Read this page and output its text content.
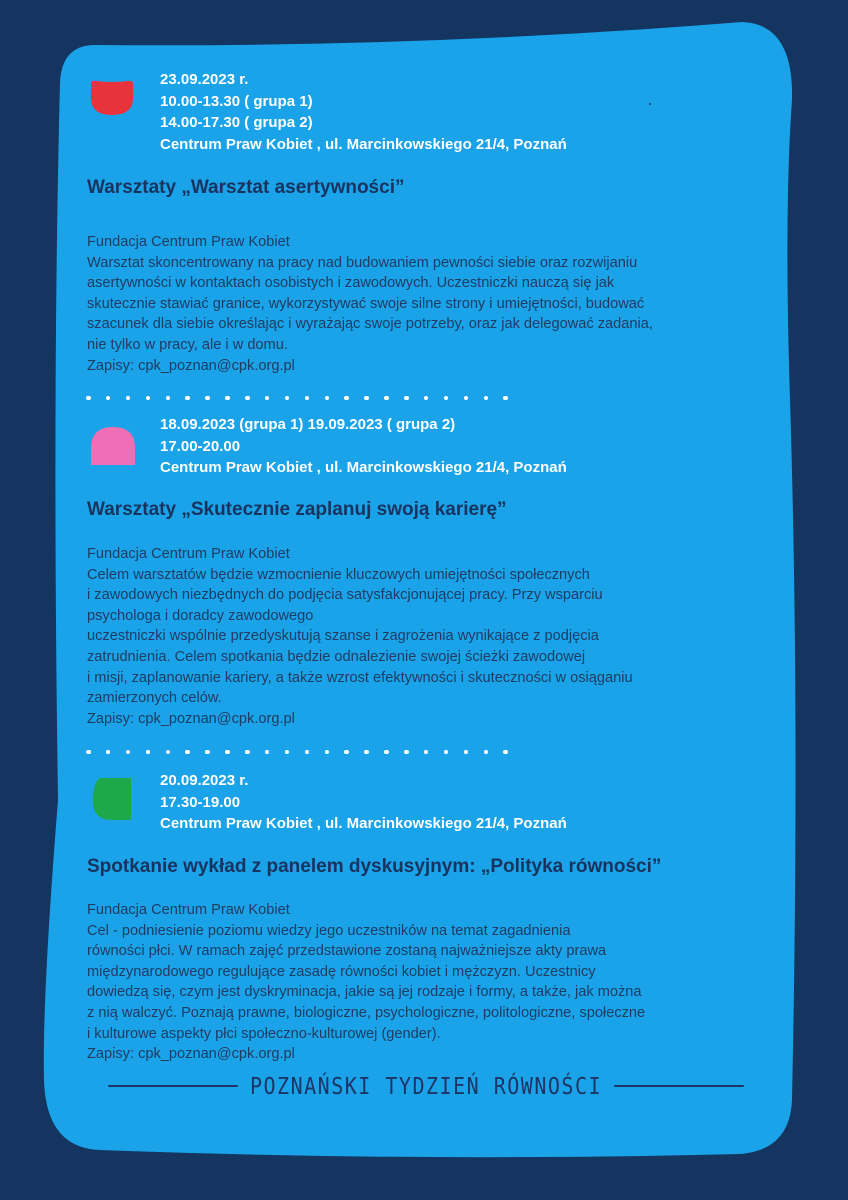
23.09.2023 r.
10.00-13.30 ( grupa 1)
14.00-17.30 ( grupa 2)
Centrum Praw Kobiet , ul. Marcinkowskiego 21/4, Poznań
Warsztaty „Warsztat asertywności”
Fundacja Centrum Praw Kobiet
Warsztat skoncentrowany na pracy nad budowaniem pewności siebie oraz rozwijaniu
asertywności w kontaktach osobistych i zawodowych. Uczestniczki nauczą się jak
skutecznie stawiać granice, wykorzystywać swoje silne strony i umiejętności, budować
szacunek dla siebie określając i wyrażając swoje potrzeby, oraz jak delegować zadania,
nie tylko w pracy, ale i w domu.
Zapisy: cpk_poznan@cpk.org.pl
18.09.2023 (grupa 1) 19.09.2023 ( grupa 2)
17.00-20.00
Centrum Praw Kobiet , ul. Marcinkowskiego 21/4, Poznań
Warsztaty „Skutecznie zaplanuj swoją karierę”
Fundacja Centrum Praw Kobiet
Celem warsztatów będzie wzmocnienie kluczowych umiejętności społecznych
i zawodowych niezbędnych do podjęcia satysfakcjonującej pracy. Przy wsparciu
psychologa i doradcy zawodowego
uczestniczki wspólnie przedyskutują szanse i zagrożenia wynikające z podjęcia
zatrudnienia. Celem spotkania będzie odnalezienie swojej ścieżki zawodowej
i misji, zaplanowanie kariery, a także wzrost efektywności i skuteczności w osiąganiu
zamierzonych celów.
Zapisy: cpk_poznan@cpk.org.pl
20.09.2023 r.
17.30-19.00
Centrum Praw Kobiet , ul. Marcinkowskiego 21/4, Poznań
Spotkanie wykład z panelem dyskusyjnym: „Polityka równości”
Fundacja Centrum Praw Kobiet
Cel - podniesienie poziomu wiedzy jego uczestników na temat zagadnienia
równości płci. W ramach zajęć przedstawione zostaną najważniejsze akty prawa
międzynarodowego regulujące zasadę równości kobiet i mężczyzn. Uczestnicy
dowiedzą się, czym jest dyskryminacja, jakie są jej rodzaje i formy, a także, jak można
z nią walczyć. Poznają prawne, biologiczne, psychologiczne, politologiczne, społeczne
i kulturowe aspekty płci społeczno-kulturowej (gender).
Zapisy: cpk_poznan@cpk.org.pl
POZNAŃSKI TYDZIEŃ RÓWNOŚCI
